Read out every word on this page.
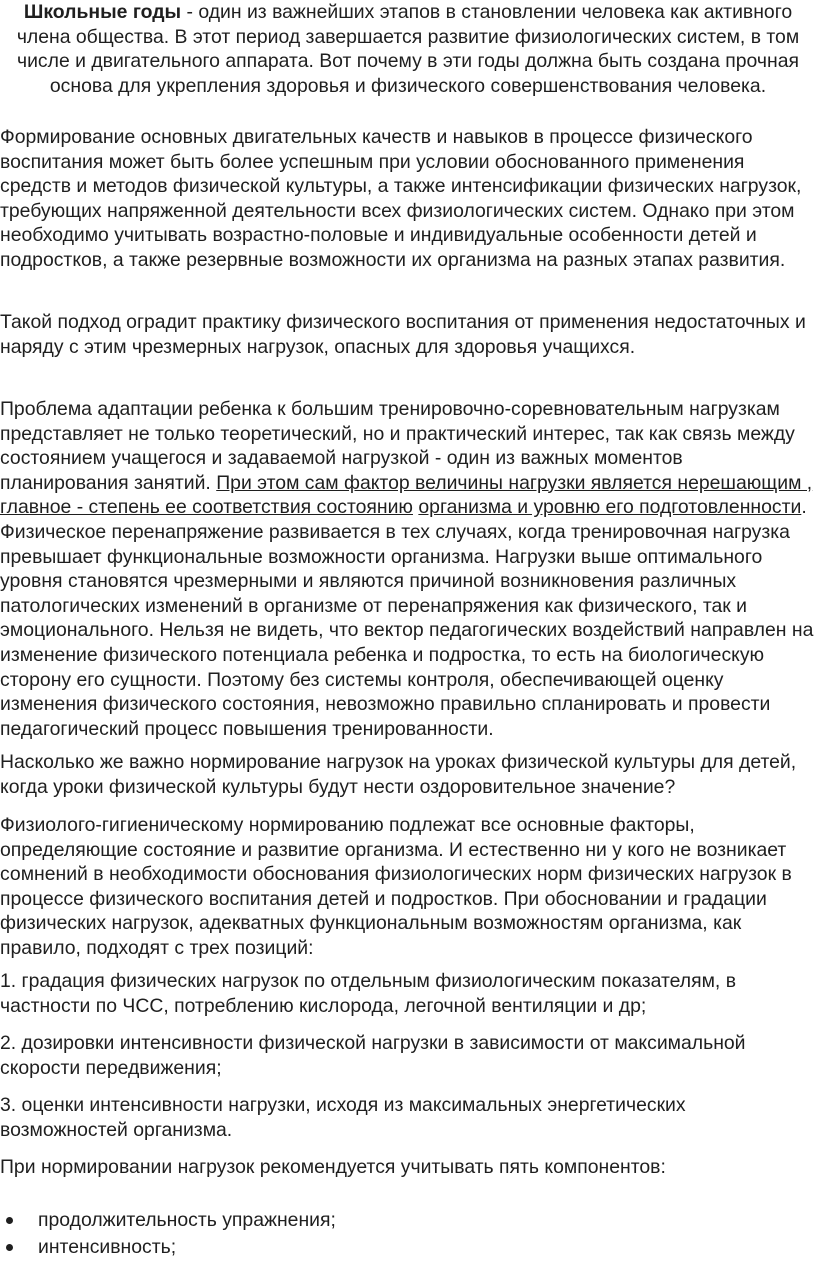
Школьные годы - один из важнейших этапов в становлении человека как активного члена общества. В этот период завершается развитие физиологических систем, в том числе и двигательного аппарата. Вот почему в эти годы должна быть создана прочная основа для укрепления здоровья и физического совершенствования человека.

Формирование основных двигательных качеств и навыков в процессе физического воспитания может быть более успешным при условии обоснованного применения средств и методов физической культуры, а также интенсификации физических нагрузок, требующих напряженной деятельности всех физиологических систем. Однако при этом необходимо учитывать возрастно-половые и индивидуальные особенности детей и подростков, а также резервные возможности их организма на разных этапах развития.

Такой подход оградит практику физического воспитания от применения недостаточных и наряду с этим чрезмерных нагрузок, опасных для здоровья учащихся.

Проблема адаптации ребенка к большим тренировочно-соревновательным нагрузкам представляет не только теоретический, но и практический интерес, так как связь между состоянием учащегося и задаваемой нагрузкой - один из важных моментов планирования занятий. При этом сам фактор величины нагрузки является нерешающим , главное - степень ее соответствия состоянию организма и уровню его подготовленности. Физическое перенапряжение развивается в тех случаях, когда тренировочная нагрузка превышает функциональные возможности организма. Нагрузки выше оптимального уровня становятся чрезмерными и являются причиной возникновения различных патологических изменений в организме от перенапряжения как физического, так и эмоционального. Нельзя не видеть, что вектор педагогических воздействий направлен на изменение физического потенциала ребенка и подростка, то есть на биологическую сторону его сущности. Поэтому без системы контроля, обеспечивающей оценку изменения физического состояния, невозможно правильно спланировать и провести педагогический процесс повышения тренированности.

Насколько же важно нормирование нагрузок на уроках физической культуры для детей, когда уроки физической культуры будут нести оздоровительное значение?

Физиолого-гигиеническому нормированию подлежат все основные факторы, определяющие состояние и развитие организма. И естественно ни у кого не возникает сомнений в необходимости обоснования физиологических норм физических нагрузок в процессе физического воспитания детей и подростков. При обосновании и градации физических нагрузок, адекватных функциональным возможностям организма, как правило, подходят с трех позиций:

1. градация физических нагрузок по отдельным физиологическим показателям, в частности по ЧСС, потреблению кислорода, легочной вентиляции и др;

2. дозировки интенсивности физической нагрузки в зависимости от максимальной скорости передвижения;

3. оценки интенсивности нагрузки, исходя из максимальных энергетических возможностей организма.

При нормировании нагрузок рекомендуется учитывать пять компонентов:

продолжительность упражнения;
интенсивность;
